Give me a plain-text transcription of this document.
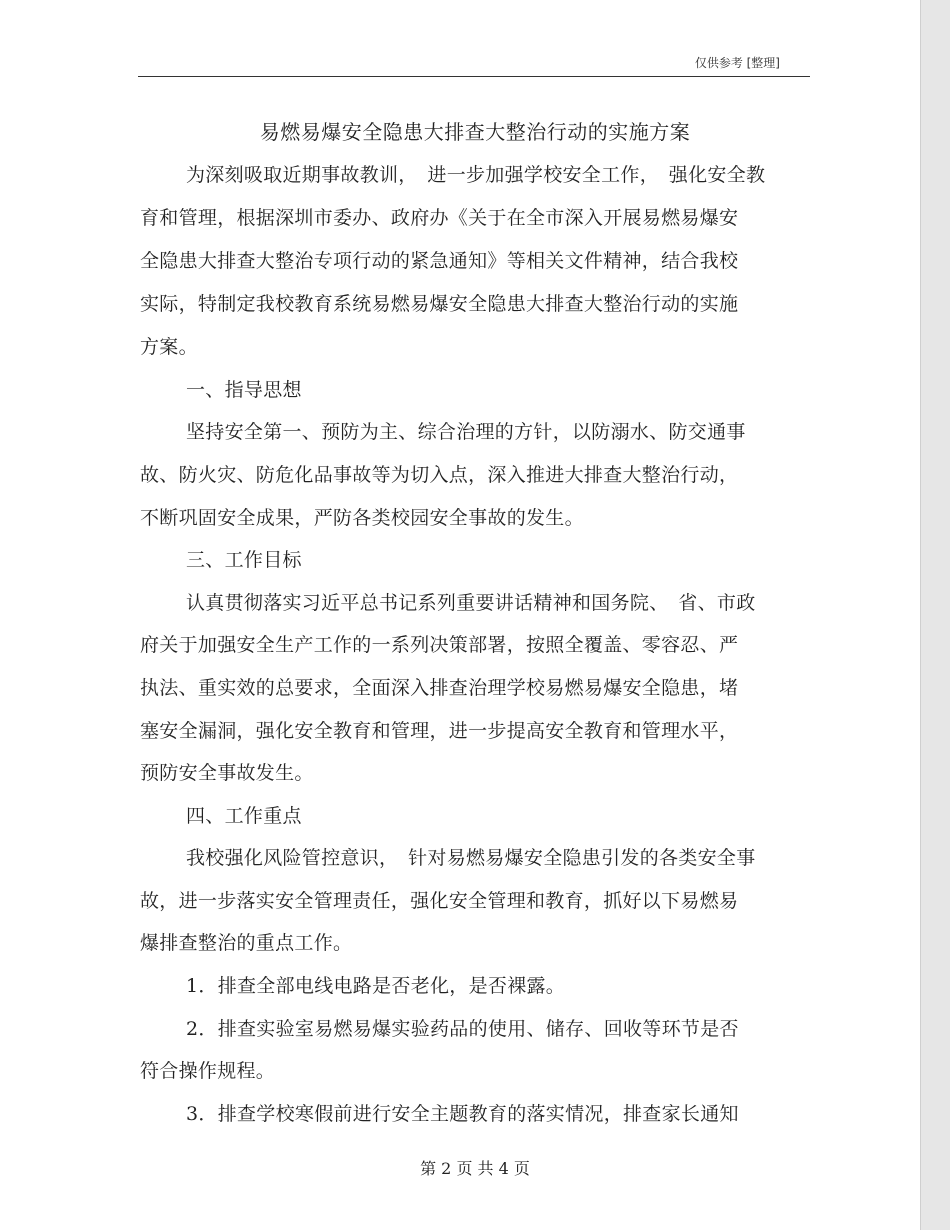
仅供参考 [整理]
易燃易爆安全隐患大排查大整治行动的实施方案
为深刻吸取近期事故教训，　进一步加强学校安全工作，　强化安全教
育和管理，根据深圳市委办、政府办《关于在全市深入开展易燃易爆安
全隐患大排查大整治专项行动的紧急通知》等相关文件精神，结合我校
实际，特制定我校教育系统易燃易爆安全隐患大排查大整治行动的实施
方案。
一、指导思想
坚持安全第一、预防为主、综合治理的方针，以防溺水、防交通事
故、防火灾、防危化品事故等为切入点，深入推进大排查大整治行动，
不断巩固安全成果，严防各类校园安全事故的发生。
三、工作目标
认真贯彻落实习近平总书记系列重要讲话精神和国务院、　省、市政
府关于加强安全生产工作的一系列决策部署，按照全覆盖、零容忍、严
执法、重实效的总要求，全面深入排查治理学校易燃易爆安全隐患，堵
塞安全漏洞，强化安全教育和管理，进一步提高安全教育和管理水平，
预防安全事故发生。
四、工作重点
我校强化风险管控意识，　针对易燃易爆安全隐患引发的各类安全事
故，进一步落实安全管理责任，强化安全管理和教育，抓好以下易燃易
爆排查整治的重点工作。
1．排查全部电线电路是否老化，是否裸露。
2．排查实验室易燃易爆实验药品的使用、储存、回收等环节是否
符合操作规程。
3．排查学校寒假前进行安全主题教育的落实情况，排查家长通知
第 2 页 共 4 页
